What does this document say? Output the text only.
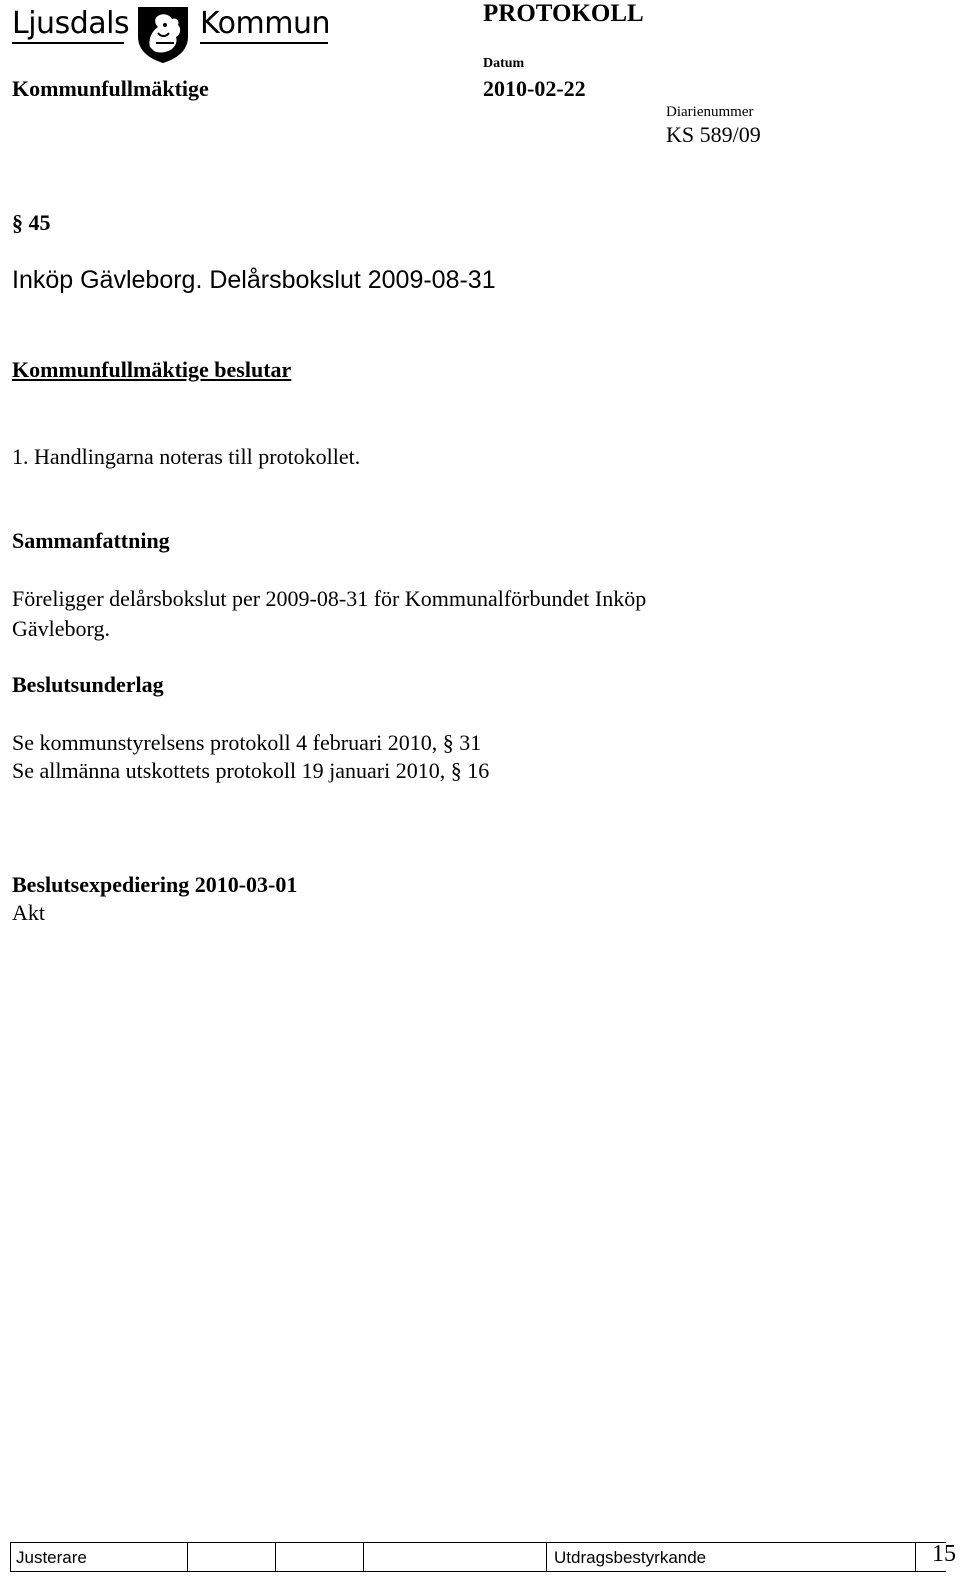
Ljusdals Kommun	PROTOKOLL
Kommunfullmäktige
Datum
2010-02-22
Diarienummer
KS 589/09
§ 45
Inköp Gävleborg. Delårsbokslut 2009-08-31
Kommunfullmäktige beslutar
1. Handlingarna noteras till protokollet.
Sammanfattning
Föreligger delårsbokslut per 2009-08-31 för Kommunalförbundet Inköp
Gävleborg.
Beslutsunderlag
Se kommunstyrelsens protokoll 4 februari 2010, § 31
Se allmänna utskottets protokoll 19 januari 2010, § 16
Beslutsexpediering 2010-03-01
Akt
Justerare	Utdragsbestyrkande	15
